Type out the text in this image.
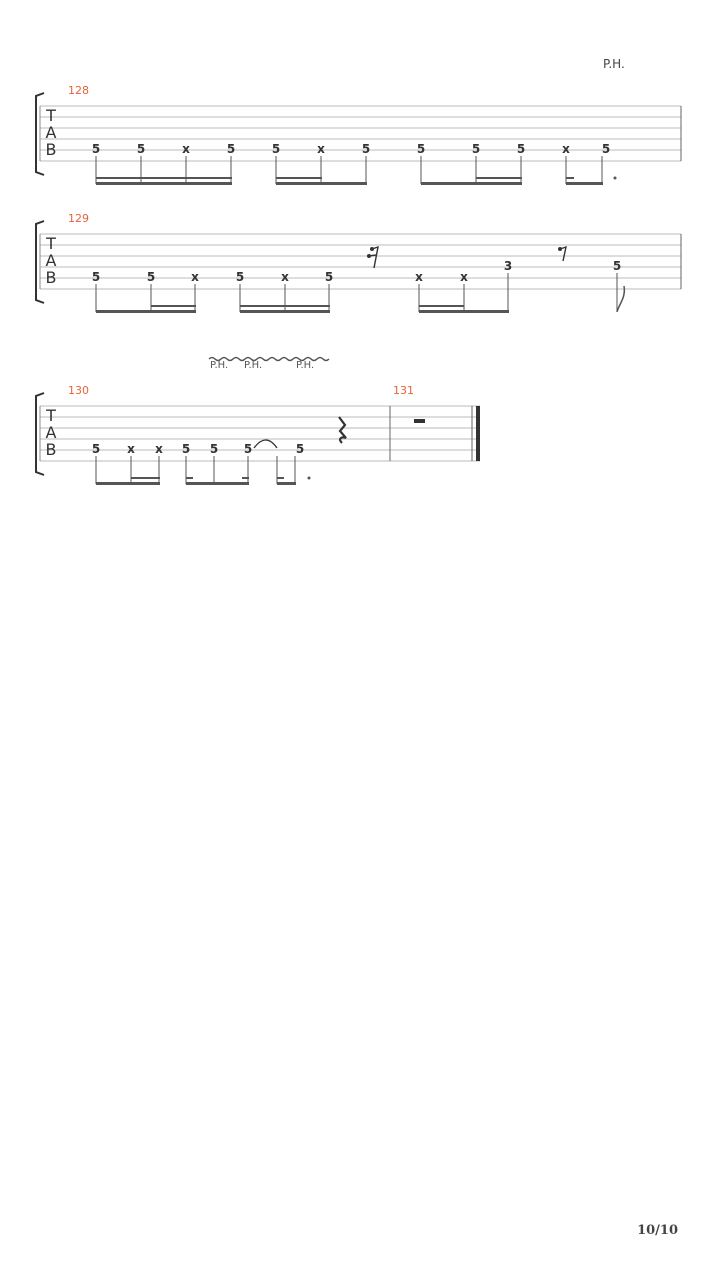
P.H.
T
A
B
128
5	5	x	5	5	x	5	5	5	5	x	5
T
A
B
129
5	5	x	5	x	5	x	x
3	5
P.H. P.H.	P.H.
T
A
B
130	131
5 x x 5 5 5	5
10/10
